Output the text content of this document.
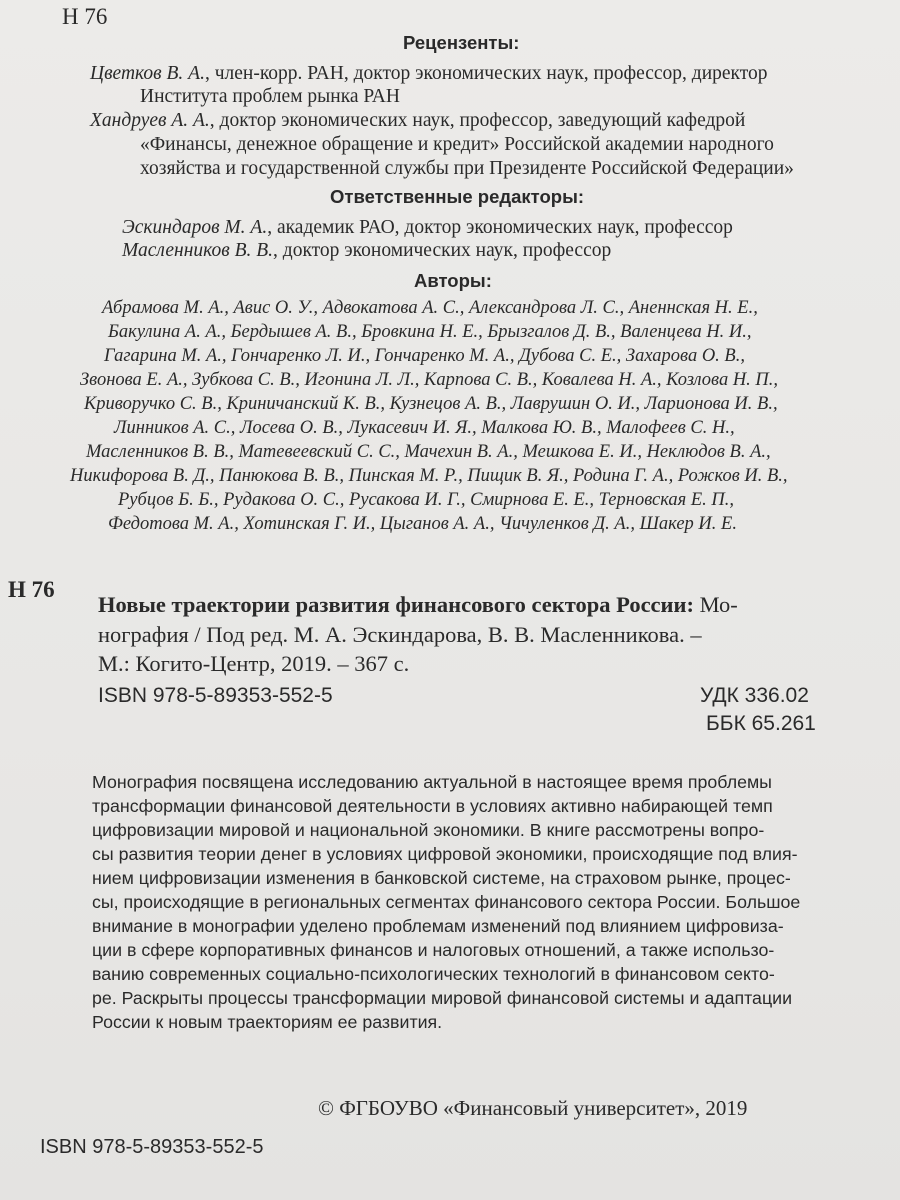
Н 76
Рецензенты:
Цветков В. А., член-корр. РАН, доктор экономических наук, профессор, директор
Института проблем рынка РАН
Хандруев А. А., доктор экономических наук, профессор, заведующий кафедрой
«Финансы, денежное обращение и кредит» Российской академии народного
хозяйства и государственной службы при Президенте Российской Федерации»
Ответственные редакторы:
Эскиндаров М. А., академик РАО, доктор экономических наук, профессор
Масленников В. В., доктор экономических наук, профессор
Авторы:
Абрамова М. А., Авис О. У., Адвокатова А. С., Александрова Л. С., Аненнская Н. Е.,
Бакулина А. А., Бердышев А. В., Бровкина Н. Е., Брызгалов Д. В., Валенцева Н. И.,
Гагарина М. А., Гончаренко Л. И., Гончаренко М. А., Дубова С. Е., Захарова О. В.,
Звонова Е. А., Зубкова С. В., Игонина Л. Л., Карпова С. В., Ковалева Н. А., Козлова Н. П.,
Криворучко С. В., Криничанский К. В., Кузнецов А. В., Лаврушин О. И., Ларионова И. В.,
Линников А. С., Лосева О. В., Лукасевич И. Я., Малкова Ю. В., Малофеев С. Н.,
Масленников В. В., Матевеевский С. С., Мачехин В. А., Мешкова Е. И., Неклюдов В. А.,
Никифорова В. Д., Панюкова В. В., Пинская М. Р., Пищик В. Я., Родина Г. А., Рожков И. В.,
Рубцов Б. Б., Рудакова О. С., Русакова И. Г., Смирнова Е. Е., Терновская Е. П.,
Федотова М. А., Хотинская Г. И., Цыганов А. А., Чичуленков Д. А., Шакер И. Е.
Н 76
Новые траектории развития финансового сектора России: Мо-
нография / Под ред. М. А. Эскиндарова, В. В. Масленникова. –
М.: Когито-Центр, 2019. – 367 с.
ISBN 978-5-89353-552-5	УДК 336.02
ББК 65.261
Монография посвящена исследованию актуальной в настоящее время проблемы
трансформации финансовой деятельности в условиях активно набирающей темп
цифровизации мировой и национальной экономики. В книге рассмотрены вопро-
сы развития теории денег в условиях цифровой экономики, происходящие под влия-
нием цифровизации изменения в банковской системе, на страховом рынке, процес-
сы, происходящие в региональных сегментах финансового сектора России. Большое
внимание в монографии уделено проблемам изменений под влиянием цифровиза-
ции в сфере корпоративных финансов и налоговых отношений, а также использо-
ванию современных социально-психологических технологий в финансовом секто-
ре. Раскрыты процессы трансформации мировой финансовой системы и адаптации
России к новым траекториям ее развития.
© ФГБОУВО «Финансовый университет», 2019
ISBN 978-5-89353-552-5
